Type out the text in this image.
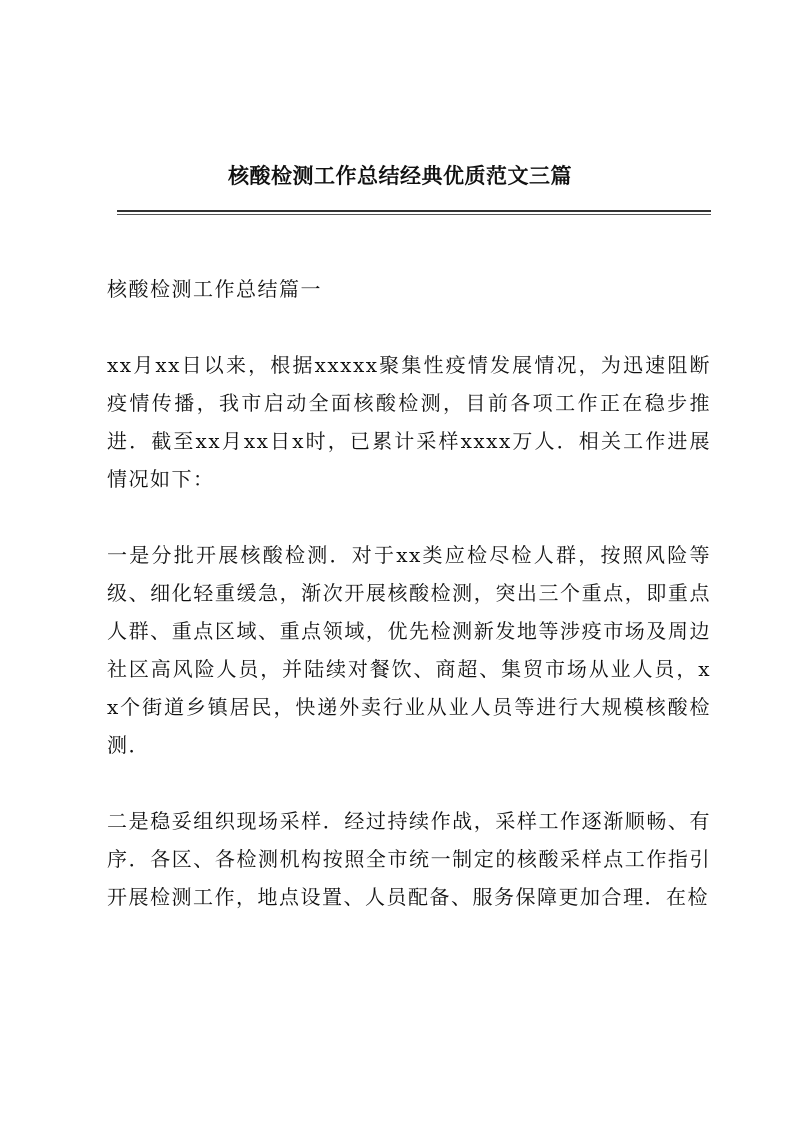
核酸检测工作总结经典优质范文三篇

核酸检测工作总结篇一

xx月xx日以来，根据xxxxx聚集性疫情发展情况，为迅速阻断疫情传播，我市启动全面核酸检测，目前各项工作正在稳步推进．截至xx月xx日x时，已累计采样xxxx万人．相关工作进展情况如下：

一是分批开展核酸检测．对于xx类应检尽检人群，按照风险等级、细化轻重缓急，渐次开展核酸检测，突出三个重点，即重点人群、重点区域、重点领域，优先检测新发地等涉疫市场及周边社区高风险人员，并陆续对餐饮、商超、集贸市场从业人员，xx个街道乡镇居民，快递外卖行业从业人员等进行大规模核酸检测．

二是稳妥组织现场采样．经过持续作战，采样工作逐渐顺畅、有序．各区、各检测机构按照全市统一制定的核酸采样点工作指引开展检测工作，地点设置、人员配备、服务保障更加合理．在检
